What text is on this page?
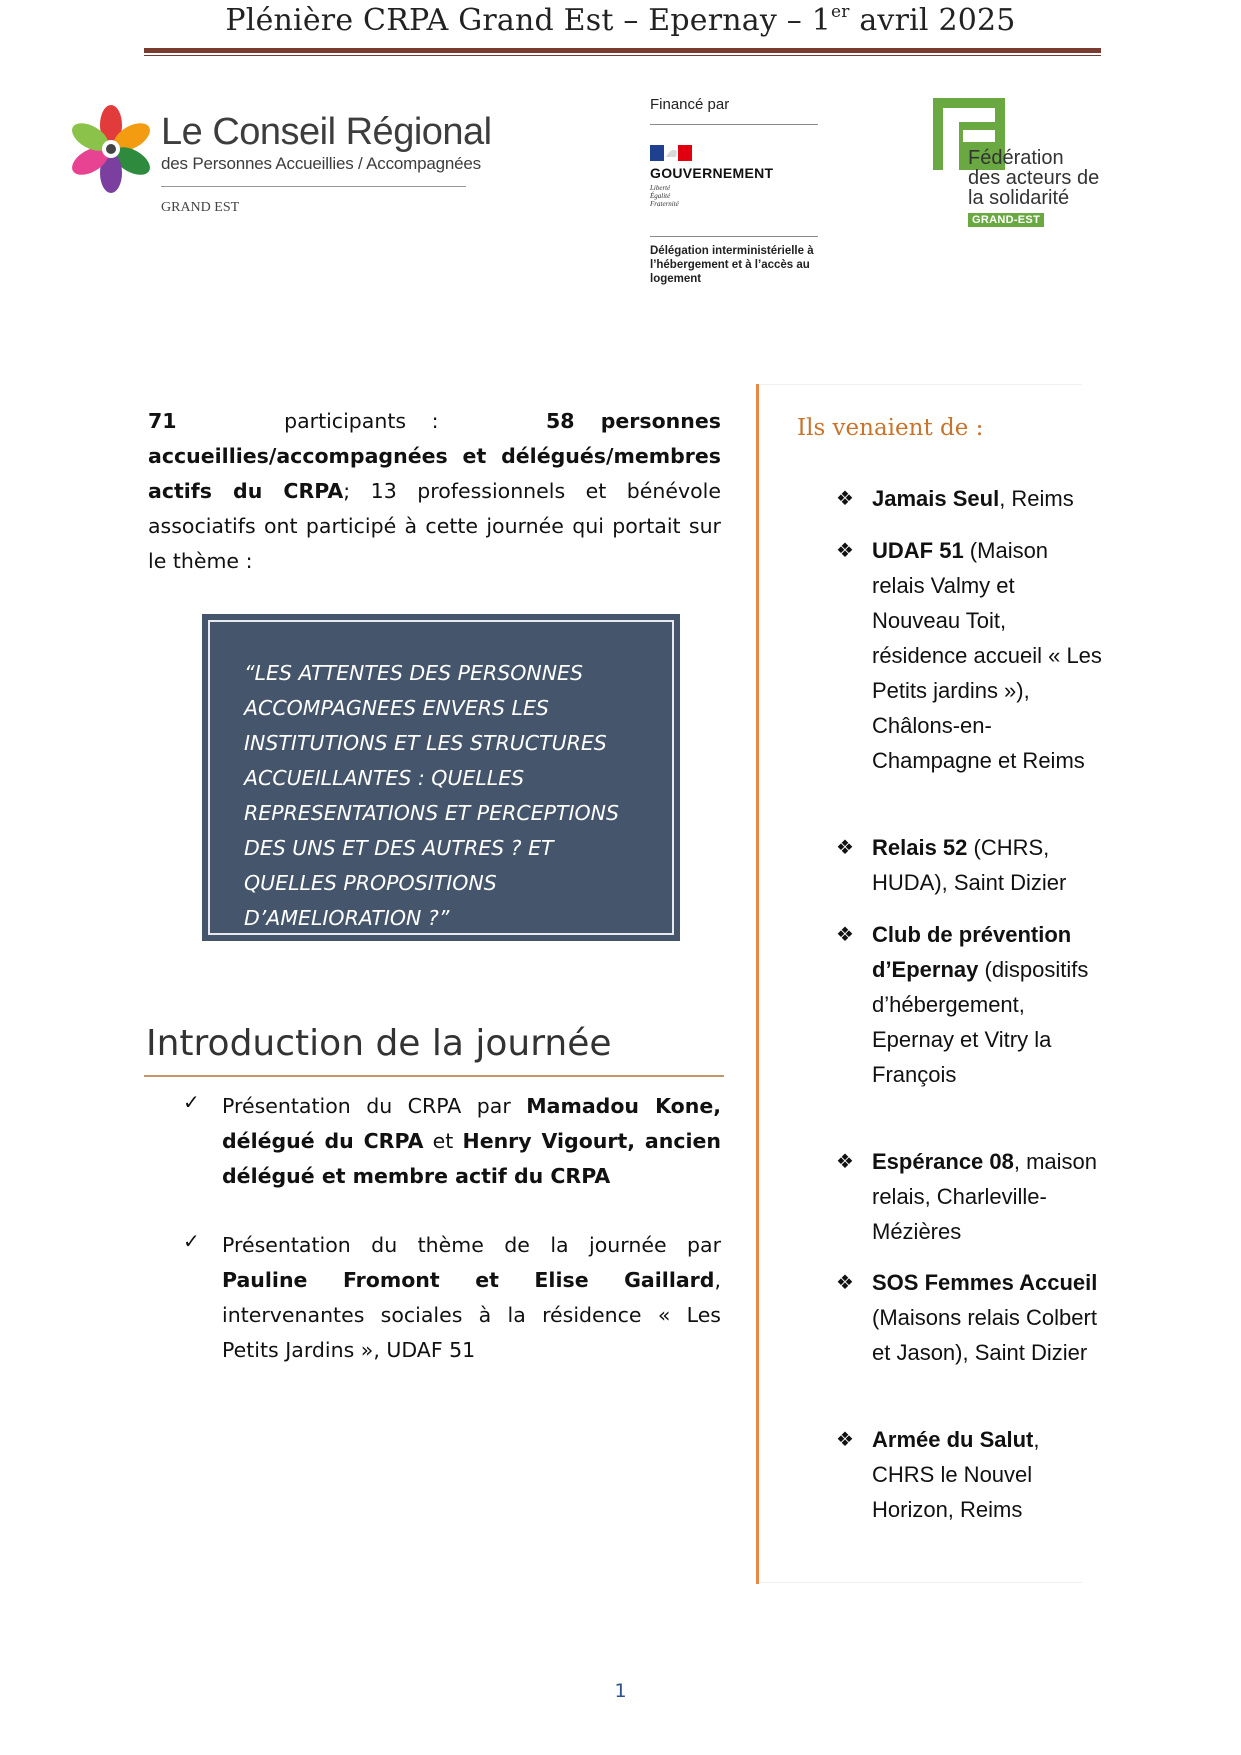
Plénière CRPA Grand Est – Epernay – 1er avril 2025
Le Conseil Régional
des Personnes Accueillies / Accompagnées
GRAND EST
Financé par
GOUVERNEMENT
Liberté
Égalité
Fraternité
Délégation interministérielle à l’hébergement et à l’accès au logement
Fédération
des acteurs de
la solidarité
GRAND-EST
71	participants :	58 personnes accueillies/accompagnées et délégués/membres actifs du CRPA; 13 professionnels et bénévole associatifs ont participé à cette journée qui portait sur le thème :
“LES ATTENTES DES PERSONNES ACCOMPAGNEES ENVERS LES INSTITUTIONS ET LES STRUCTURES ACCUEILLANTES : QUELLES REPRESENTATIONS ET PERCEPTIONS DES UNS ET DES AUTRES ? ET QUELLES PROPOSITIONS D’AMELIORATION ?”
Introduction de la journée
✓ Présentation du CRPA par Mamadou Kone, délégué du CRPA et Henry Vigourt, ancien délégué et membre actif du CRPA
✓ Présentation du thème de la journée par Pauline Fromont et Elise Gaillard, intervenantes sociales à la résidence « Les Petits Jardins », UDAF 51
Ils venaient de :
❖ Jamais Seul, Reims
❖ UDAF 51 (Maison relais Valmy et Nouveau Toit, résidence accueil « Les Petits jardins »), Châlons-en-Champagne et Reims
❖ Relais 52 (CHRS, HUDA), Saint Dizier
❖ Club de prévention d’Epernay (dispositifs d’hébergement, Epernay et Vitry la François
❖ Espérance 08, maison relais, Charleville-Mézières
❖ SOS Femmes Accueil (Maisons relais Colbert et Jason), Saint Dizier
❖ Armée du Salut, CHRS le Nouvel Horizon, Reims
1
